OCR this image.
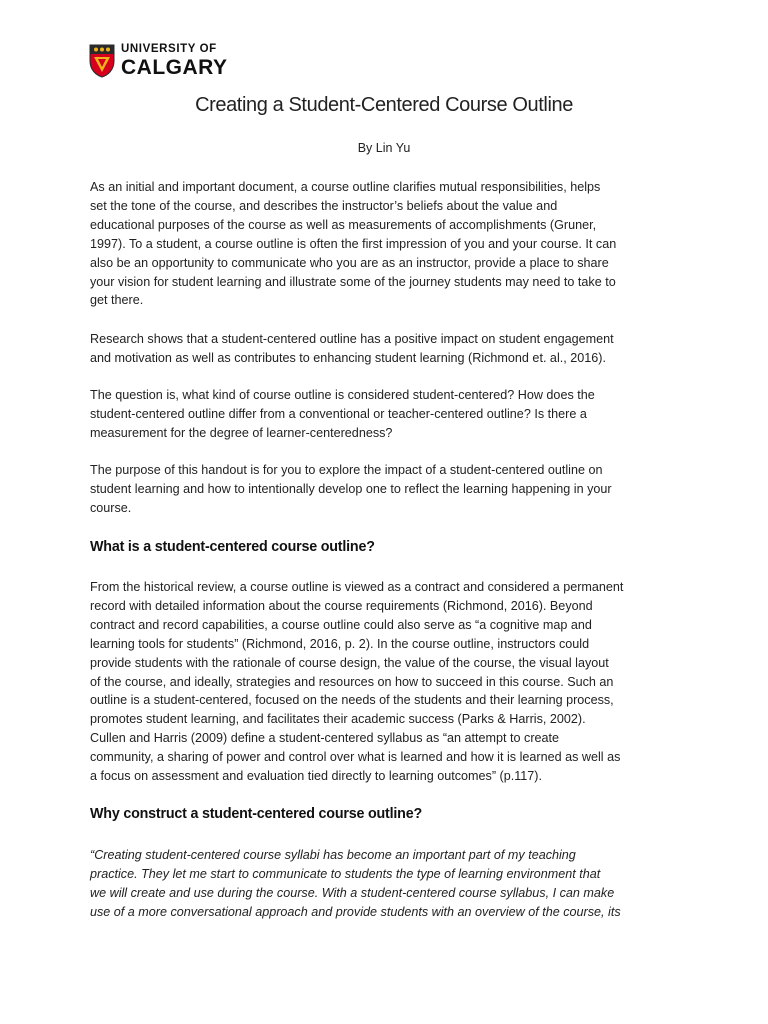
UNIVERSITY OF
CALGARY
Creating a Student-Centered Course Outline
By Lin Yu

As an initial and important document, a course outline clarifies mutual responsibilities, helps
set the tone of the course, and describes the instructor’s beliefs about the value and
educational purposes of the course as well as measurements of accomplishments (Gruner,
1997). To a student, a course outline is often the first impression of you and your course. It can
also be an opportunity to communicate who you are as an instructor, provide a place to share
your vision for student learning and illustrate some of the journey students may need to take to
get there.

Research shows that a student-centered outline has a positive impact on student engagement
and motivation as well as contributes to enhancing student learning (Richmond et. al., 2016).

The question is, what kind of course outline is considered student-centered? How does the
student-centered outline differ from a conventional or teacher-centered outline? Is there a
measurement for the degree of learner-centeredness?

The purpose of this handout is for you to explore the impact of a student-centered outline on
student learning and how to intentionally develop one to reflect the learning happening in your
course.

What is a student-centered course outline?

From the historical review, a course outline is viewed as a contract and considered a permanent
record with detailed information about the course requirements (Richmond, 2016). Beyond
contract and record capabilities, a course outline could also serve as “a cognitive map and
learning tools for students” (Richmond, 2016, p. 2). In the course outline, instructors could
provide students with the rationale of course design, the value of the course, the visual layout
of the course, and ideally, strategies and resources on how to succeed in this course. Such an
outline is a student-centered, focused on the needs of the students and their learning process,
promotes student learning, and facilitates their academic success (Parks & Harris, 2002).
Cullen and Harris (2009) define a student-centered syllabus as “an attempt to create
community, a sharing of power and control over what is learned and how it is learned as well as
a focus on assessment and evaluation tied directly to learning outcomes” (p.117).

Why construct a student-centered course outline?

“Creating student-centered course syllabi has become an important part of my teaching
practice. They let me start to communicate to students the type of learning environment that
we will create and use during the course. With a student-centered course syllabus, I can make
use of a more conversational approach and provide students with an overview of the course, its
